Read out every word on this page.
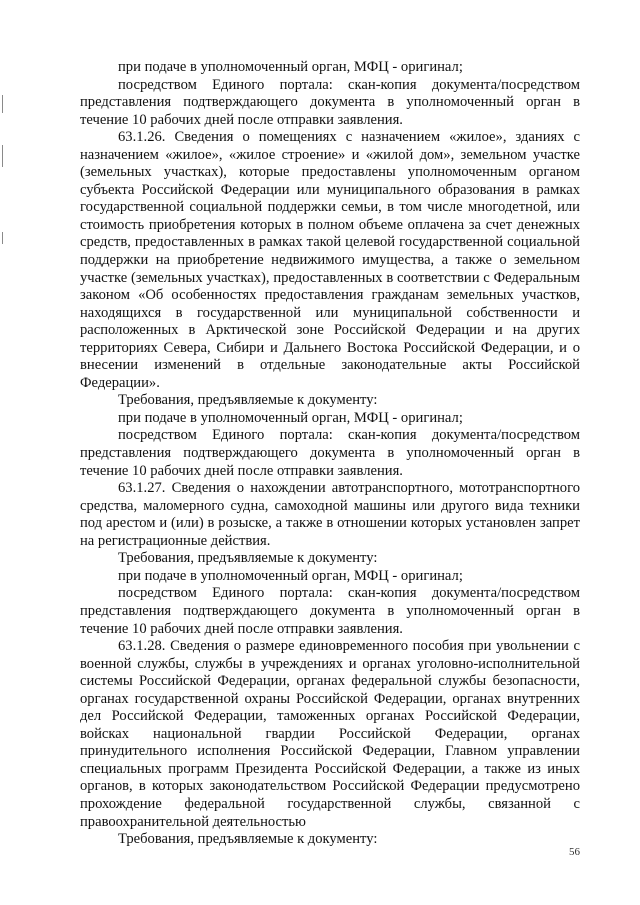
при подаче в уполномоченный орган, МФЦ - оригинал;

посредством Единого портала: скан-копия документа/посредством представления подтверждающего документа в уполномоченный орган в течение 10 рабочих дней после отправки заявления.

63.1.26. Сведения о помещениях с назначением «жилое», зданиях с назначением «жилое», «жилое строение» и «жилой дом», земельном участке (земельных участках), которые предоставлены уполномоченным органом субъекта Российской Федерации или муниципального образования в рамках государственной социальной поддержки семьи, в том числе многодетной, или стоимость приобретения которых в полном объеме оплачена за счет денежных средств, предоставленных в рамках такой целевой государственной социальной поддержки на приобретение недвижимого имущества, а также о земельном участке (земельных участках), предоставленных в соответствии с Федеральным законом «Об особенностях предоставления гражданам земельных участков, находящихся в государственной или муниципальной собственности и расположенных в Арктической зоне Российской Федерации и на других территориях Севера, Сибири и Дальнего Востока Российской Федерации, и о внесении изменений в отдельные законодательные акты Российской Федерации».

Требования, предъявляемые к документу:

при подаче в уполномоченный орган, МФЦ - оригинал;

посредством Единого портала: скан-копия документа/посредством представления подтверждающего документа в уполномоченный орган в течение 10 рабочих дней после отправки заявления.

63.1.27. Сведения о нахождении автотранспортного, мототранспортного средства, маломерного судна, самоходной машины или другого вида техники под арестом и (или) в розыске, а также в отношении которых установлен запрет на регистрационные действия.

Требования, предъявляемые к документу:

при подаче в уполномоченный орган, МФЦ - оригинал;

посредством Единого портала: скан-копия документа/посредством представления подтверждающего документа в уполномоченный орган в течение 10 рабочих дней после отправки заявления.

63.1.28. Сведения о размере единовременного пособия при увольнении с военной службы, службы в учреждениях и органах уголовно-исполнительной системы Российской Федерации, органах федеральной службы безопасности, органах государственной охраны Российской Федерации, органах внутренних дел Российской Федерации, таможенных органах Российской Федерации, войсках национальной гвардии Российской Федерации, органах принудительного исполнения Российской Федерации, Главном управлении специальных программ Президента Российской Федерации, а также из иных органов, в которых законодательством Российской Федерации предусмотрено прохождение федеральной государственной службы, связанной с правоохранительной деятельностью

Требования, предъявляемые к документу:

56
